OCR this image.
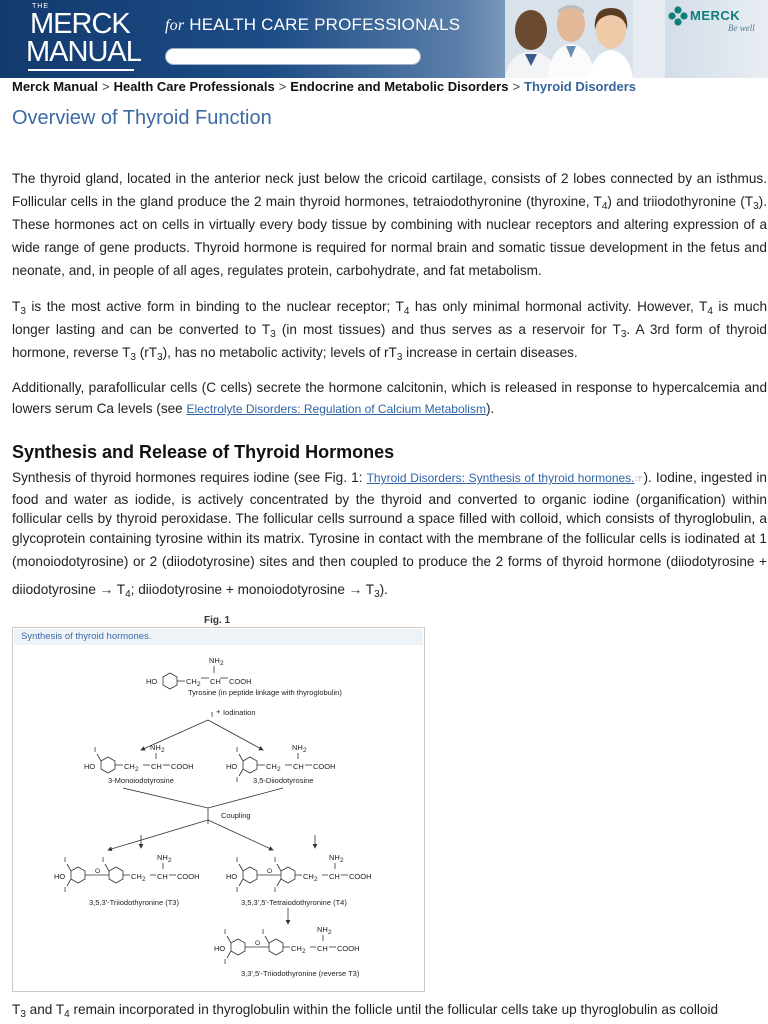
THE
MERCK
MANUAL
for HEALTH CARE PROFESSIONALS	MERCK
Be well
Merck Manual > Health Care Professionals > Endocrine and Metabolic Disorders > Thyroid Disorders
Overview of Thyroid Function

The thyroid gland, located in the anterior neck just below the cricoid cartilage, consists of 2 lobes connected by an isthmus. Follicular cells in the gland produce the 2 main thyroid hormones, tetraiodothyronine (thyroxine, $T_4$) and triiodothyronine $(T_3)$. These hormones act on cells in virtually every body tissue by combining with nuclear receptors and altering expression of a wide range of gene products. Thyroid hormone is required for normal brain and somatic tissue development in the fetus and neonate, and, in people of all ages, regulates protein, carbohydrate, and fat metabolism.

$T_3$ is the most active form in binding to the nuclear receptor; $T_4$ has only minimal hormonal activity. However, $T_4$ is much longer lasting and can be converted to $T_3$ (in most tissues) and thus serves as a reservoir for $T_3$. A 3rd form of thyroid hormone, reverse $T_3$ $(rT_3)$, has no metabolic activity; levels of $rT_3$ increase in certain diseases.

Additionally, parafollicular cells (C cells) secrete the hormone calcitonin, which is released in response to hypercalcemia and lowers serum Ca levels (see Electrolyte Disorders: Regulation of Calcium Metabolism).

Synthesis and Release of Thyroid Hormones

Synthesis of thyroid hormones requires iodine (see Fig. 1: Thyroid Disorders: Synthesis of thyroid hormones.☞). Iodine, ingested in food and water as iodide, is actively concentrated by the thyroid and converted to organic iodine (organification) within follicular cells by thyroid peroxidase. The follicular cells surround a space filled with colloid, which consists of thyroglobulin, a glycoprotein containing tyrosine within its matrix. Tyrosine in contact with the membrane of the follicular cells is iodinated at 1 (monoiodotyrosine) or 2 (diiodotyrosine) sites and then coupled to produce the 2 forms of thyroid hormone (diiodotyrosine + diiodotyrosine → $T_4$; diiodotyrosine + monoiodotyrosine → $T_3$).

Fig. 1
Synthesis of thyroid hormones.
HO	CH 2 CH COOH
NH 2
+
I
HO	CH 2 CH COOH
NH 2
I
HO	CH 2 CH COOH
NH 2
I
I
HO
O
CH 2 CH COOH
NH 2
I
I
I
HO
O
CH 2 CH COOH
NH 2
I
I
I
I
HO
O
CH 2 CH COOH
NH 2
I
I
I
Tyrosine (in peptide linkage with thyroglobulin)
Iodination
3-Monoiodotyrosine	3,5-Diiodotyrosine
Coupling
3,5,3'-Triiodothyronine (T3)	3,5,3',5'-Tetraiodothyronine (T4)
3,3',5'-Triiodothyronine (reverse T3)
$T_3$ and $T_4$ remain incorporated in thyroglobulin within the follicle until the follicular cells take up thyroglobulin as colloid
